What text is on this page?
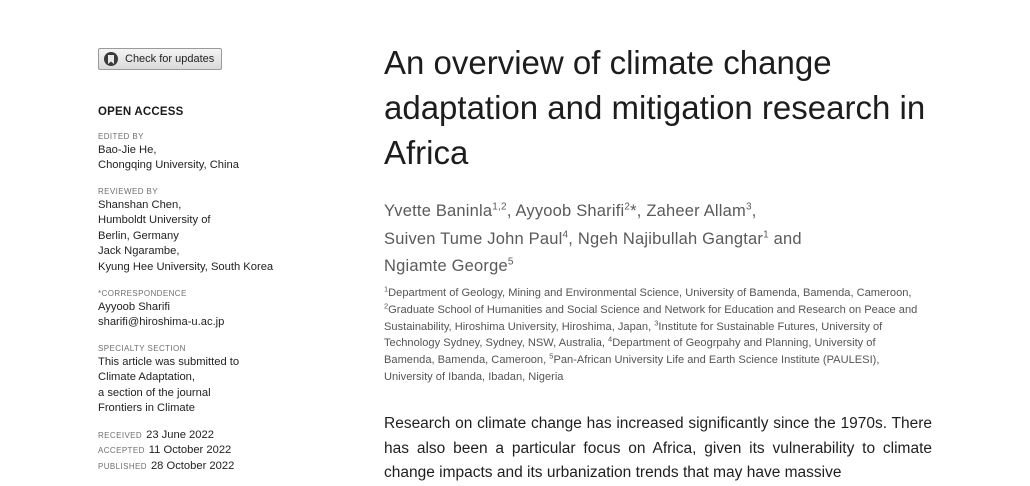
Check for updates
OPEN ACCESS
EDITED BY
Bao-Jie He,
Chongqing University, China
REVIEWED BY
Shanshan Chen,
Humboldt University of
Berlin, Germany
Jack Ngarambe,
Kyung Hee University, South Korea
*CORRESPONDENCE
Ayyoob Sharifi
sharifi@hiroshima-u.ac.jp
SPECIALTY SECTION
This article was submitted to
Climate Adaptation,
a section of the journal
Frontiers in Climate
RECEIVED 23 June 2022
ACCEPTED 11 October 2022
PUBLISHED 28 October 2022
An overview of climate change adaptation and mitigation research in Africa
Yvette Baninla$^{1,2}$, Ayyoob Sharifi$^2$*, Zaheer Allam$^3$,
Suiven Tume John Paul$^4$, Ngeh Najibullah Gangtar$^1$ and
Ngiamte George$^5$
$^1$Department of Geology, Mining and Environmental Science, University of Bamenda, Bamenda, Cameroon, $^2$Graduate School of Humanities and Social Science and Network for Education and Research on Peace and Sustainability, Hiroshima University, Hiroshima, Japan, $^3$Institute for Sustainable Futures, University of Technology Sydney, Sydney, NSW, Australia, $^4$Department of Geogrpahy and Planning, University of Bamenda, Bamenda, Cameroon, $^5$Pan-African University Life and Earth Science Institute (PAULESI), University of Ibanda, Ibadan, Nigeria
Research on climate change has increased significantly since the 1970s. There has also been a particular focus on Africa, given its vulnerability to climate change impacts and its urbanization trends that may have massive
